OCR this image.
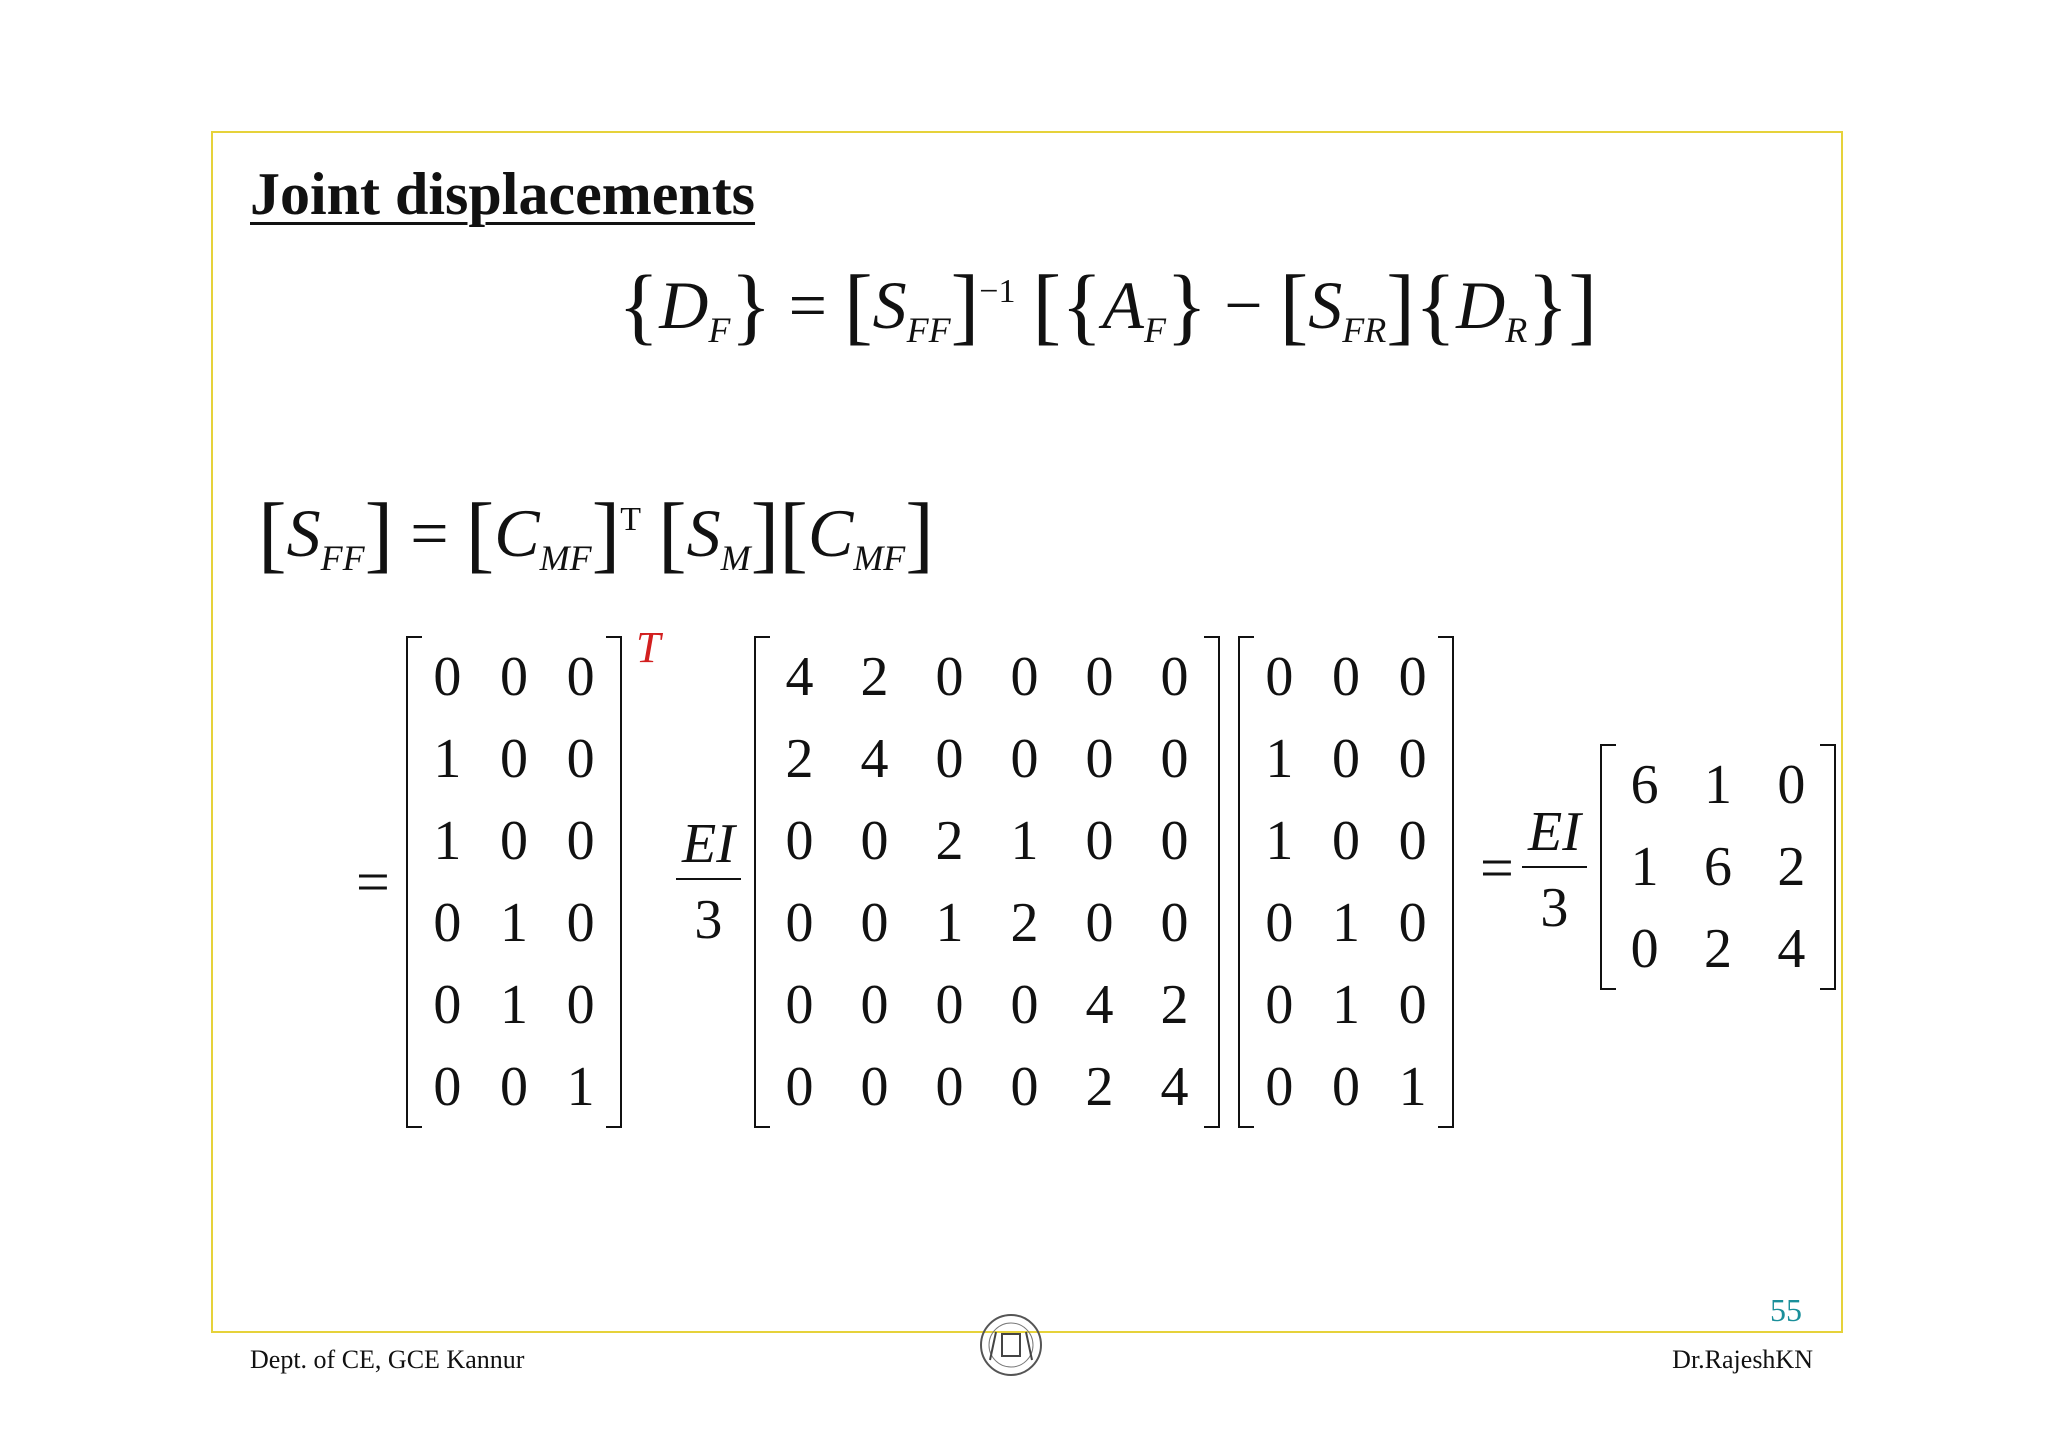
Joint displacements
$\{D_F\} = [S_{FF}]^{-1}$ $[\{A_F\} - [S_{FR}]\{D_R\}]$
$[S_{FF}] = [C_{MF}]^T$ $[S_M][C_{MF}]$
=
0	0	0
1	0	0
1	0	0
0	1	0
0	1	0
0	0	1
T
$\frac{EI}{3}$
4	2	0	0	0	0
2	4	0	0	0	0
0	0	2	1	0	0
0	0	1	2	0	0
0	0	0	0	4	2
0	0	0	0	2	4
0	0	0
1	0	0
1	0	0
0	1	0
0	1	0
0	0	1
= $\frac{EI}{3}$
6	1	0
1	6	2
0	2	4
55
Dept. of CE, GCE Kannur	Dr.RajeshKN
